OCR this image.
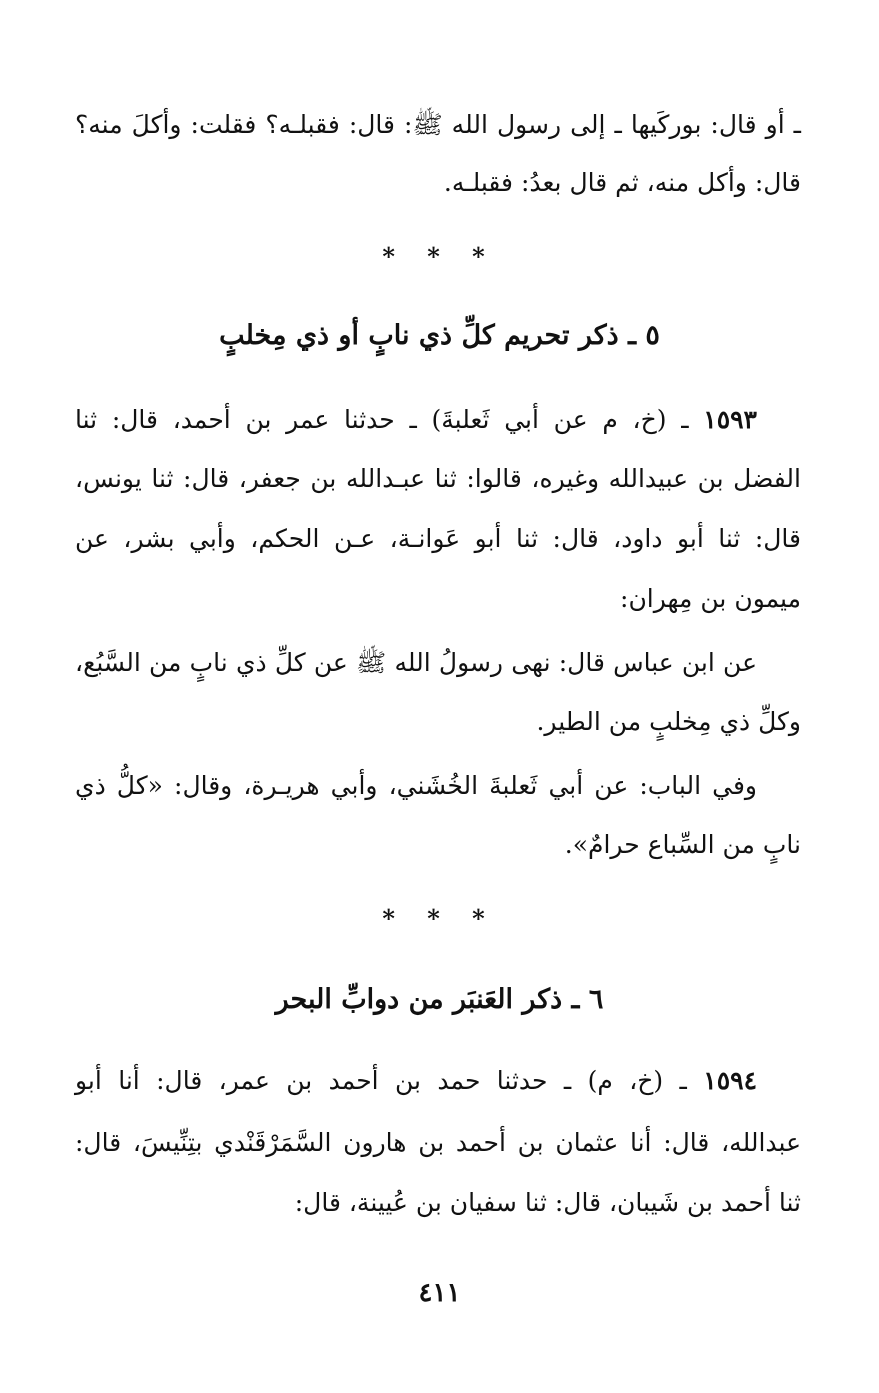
ـ أو قال: بوركَيها ـ إلى رسول الله ﷺ: قال: فقبلـه؟ فقلت: وأكلَ منه؟
قال: وأكل منه، ثم قال بعدُ: فقبلـه.
* * *
٥ ـ ذكر تحريم كلِّ ذي نابٍ أو ذي مِخلبٍ
١٥٩٣ ـ (خ، م عن أبي ثَعلبةَ) ـ حدثنا عمر بن أحمد، قال: ثنا
الفضل بن عبيدالله وغيره، قالوا: ثنا عبـدالله بن جعفر، قال: ثنا يونس،
قال: ثنا أبو داود، قال: ثنا أبو عَوانـة، عـن الحكم، وأبي بشر، عن
ميمون بن مِهران:
عن ابن عباس قال: نهى رسولُ الله ﷺ عن كلِّ ذي نابٍ من السَّبُع،
وكلِّ ذي مِخلبٍ من الطير.
وفي الباب: عن أبي ثَعلبةَ الخُشَني، وأبي هريـرة، وقال: «كلُّ ذي
نابٍ من السِّباع حرامٌ».
* * *
٦ ـ ذكر العَنبَر من دوابِّ البحر
١٥٩٤ ـ (خ، م) ـ حدثنا حمد بن أحمد بن عمر، قال: أنا أبو
عبدالله، قال: أنا عثمان بن أحمد بن هارون السَّمَرْقَنْدي بتِنِّيسَ، قال:
ثنا أحمد بن شَيبان، قال: ثنا سفيان بن عُيينة، قال:
٤١١
